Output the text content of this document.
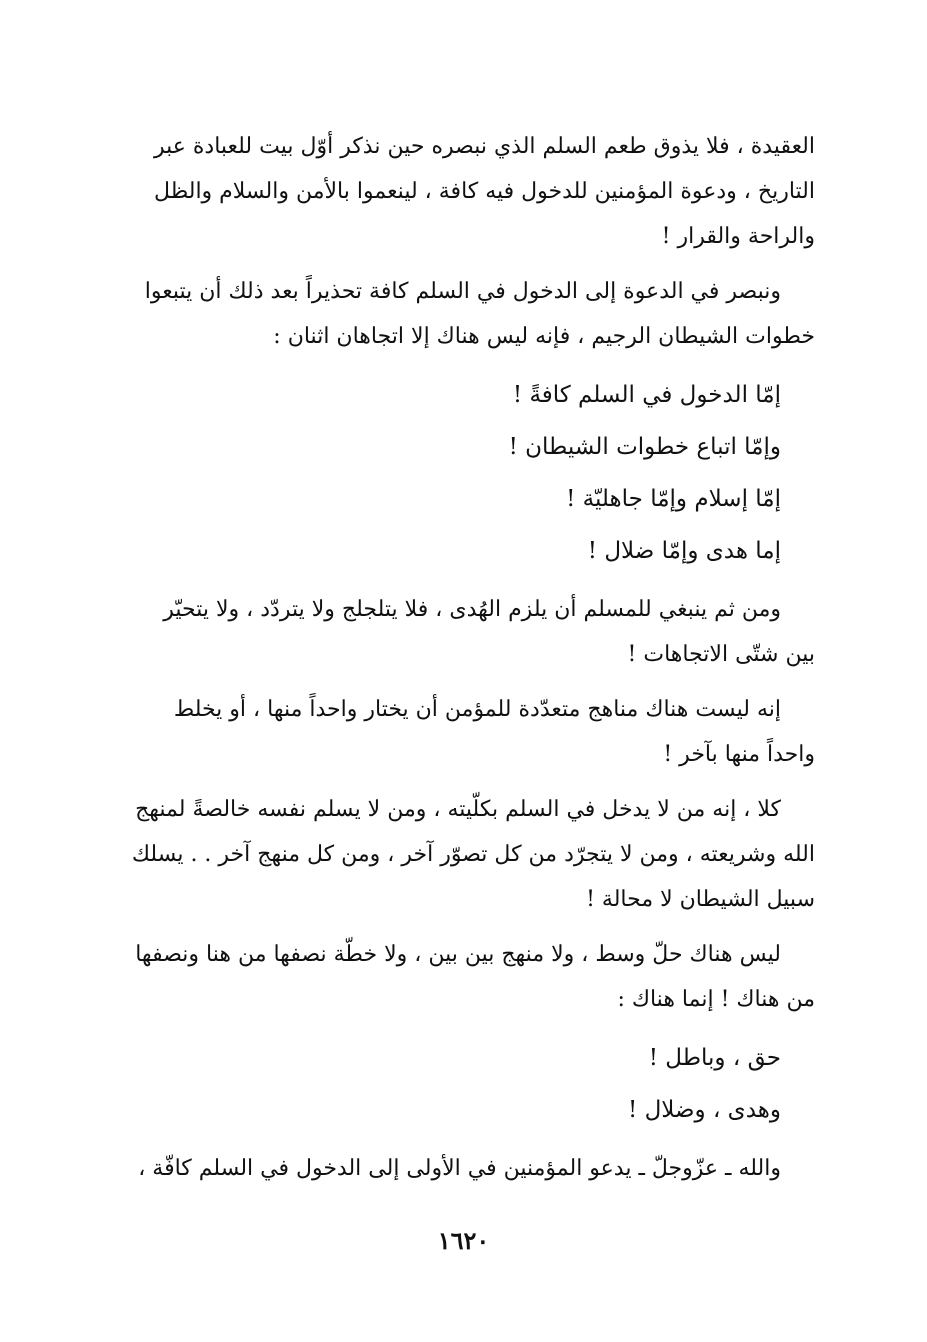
العقيدة ، فلا يذوق طعم السلم الذي نبصره حين نذكر أوّل بيت للعبادة عبر
التاريخ ، ودعوة المؤمنين للدخول فيه كافة ، لينعموا بالأمن والسلام والظل
والراحة والقرار !

ونبصر في الدعوة إلى الدخول في السلم كافة تحذيراً بعد ذلك أن يتبعوا
خطوات الشيطان الرجيم ، فإنه ليس هناك إلا اتجاهان اثنان :

إمّا الدخول في السلم كافةً !
وإمّا اتباع خطوات الشيطان !
إمّا إسلام وإمّا جاهليّة !
إما هدى وإمّا ضلال !

ومن ثم ينبغي للمسلم أن يلزم الهُدى ، فلا يتلجلج ولا يتردّد ، ولا يتحيّر
بين شتّى الاتجاهات !

إنه ليست هناك مناهج متعدّدة للمؤمن أن يختار واحداً منها ، أو يخلط
واحداً منها بآخر !

كلا ، إنه من لا يدخل في السلم بكلّيته ، ومن لا يسلم نفسه خالصةً لمنهج
الله وشريعته ، ومن لا يتجرّد من كل تصوّر آخر ، ومن كل منهج آخر . . يسلك
سبيل الشيطان لا محالة !

ليس هناك حلّ وسط ، ولا منهج بين بين ، ولا خطّة نصفها من هنا ونصفها
من هناك ! إنما هناك :

حق ، وباطل !
وهدى ، وضلال !

والله ـ عزّوجلّ ـ يدعو المؤمنين في الأولى إلى الدخول في السلم كافّة ،

١٦٢٠
